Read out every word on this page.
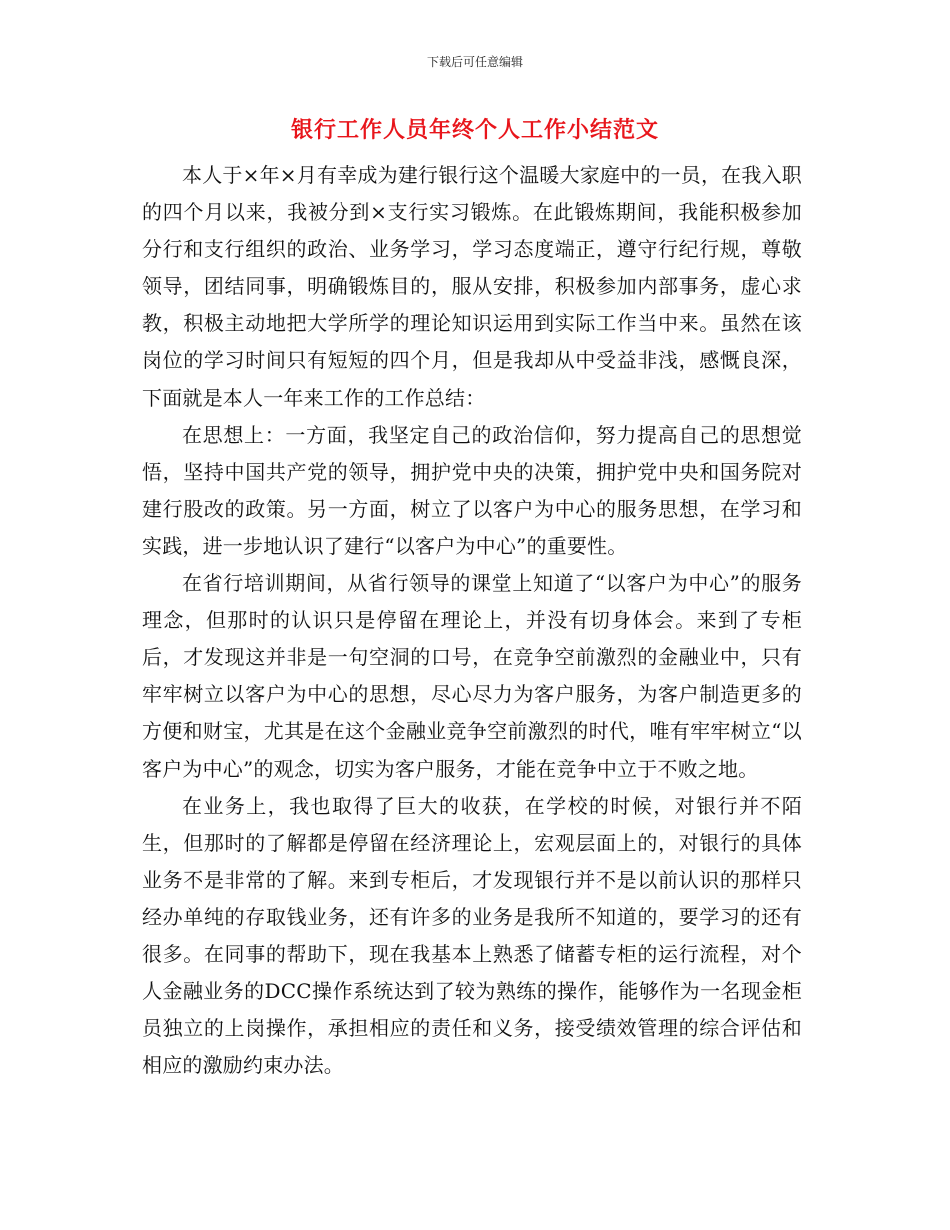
下载后可任意编辑
银行工作人员年终个人工作小结范文

本人于×年×月有幸成为建行银行这个温暖大家庭中的一员，在我入职的四个月以来，我被分到×支行实习锻炼。在此锻炼期间，我能积极参加分行和支行组织的政治、业务学习，学习态度端正，遵守行纪行规，尊敬领导，团结同事，明确锻炼目的，服从安排，积极参加内部事务，虚心求教，积极主动地把大学所学的理论知识运用到实际工作当中来。虽然在该岗位的学习时间只有短短的四个月，但是我却从中受益非浅，感慨良深，下面就是本人一年来工作的工作总结：

在思想上：一方面，我坚定自己的政治信仰，努力提高自己的思想觉悟，坚持中国共产党的领导，拥护党中央的决策，拥护党中央和国务院对建行股改的政策。另一方面，树立了以客户为中心的服务思想，在学习和实践，进一步地认识了建行“以客户为中心”的重要性。

在省行培训期间，从省行领导的课堂上知道了“以客户为中心”的服务理念，但那时的认识只是停留在理论上，并没有切身体会。来到了专柜后，才发现这并非是一句空洞的口号，在竞争空前激烈的金融业中，只有牢牢树立以客户为中心的思想，尽心尽力为客户服务，为客户制造更多的方便和财宝，尤其是在这个金融业竞争空前激烈的时代，唯有牢牢树立“以客户为中心”的观念，切实为客户服务，才能在竞争中立于不败之地。

在业务上，我也取得了巨大的收获，在学校的时候，对银行并不陌生，但那时的了解都是停留在经济理论上，宏观层面上的，对银行的具体业务不是非常的了解。来到专柜后，才发现银行并不是以前认识的那样只经办单纯的存取钱业务，还有许多的业务是我所不知道的，要学习的还有很多。在同事的帮助下，现在我基本上熟悉了储蓄专柜的运行流程，对个人金融业务的DCC操作系统达到了较为熟练的操作，能够作为一名现金柜员独立的上岗操作，承担相应的责任和义务，接受绩效管理的综合评估和相应的激励约束办法。
